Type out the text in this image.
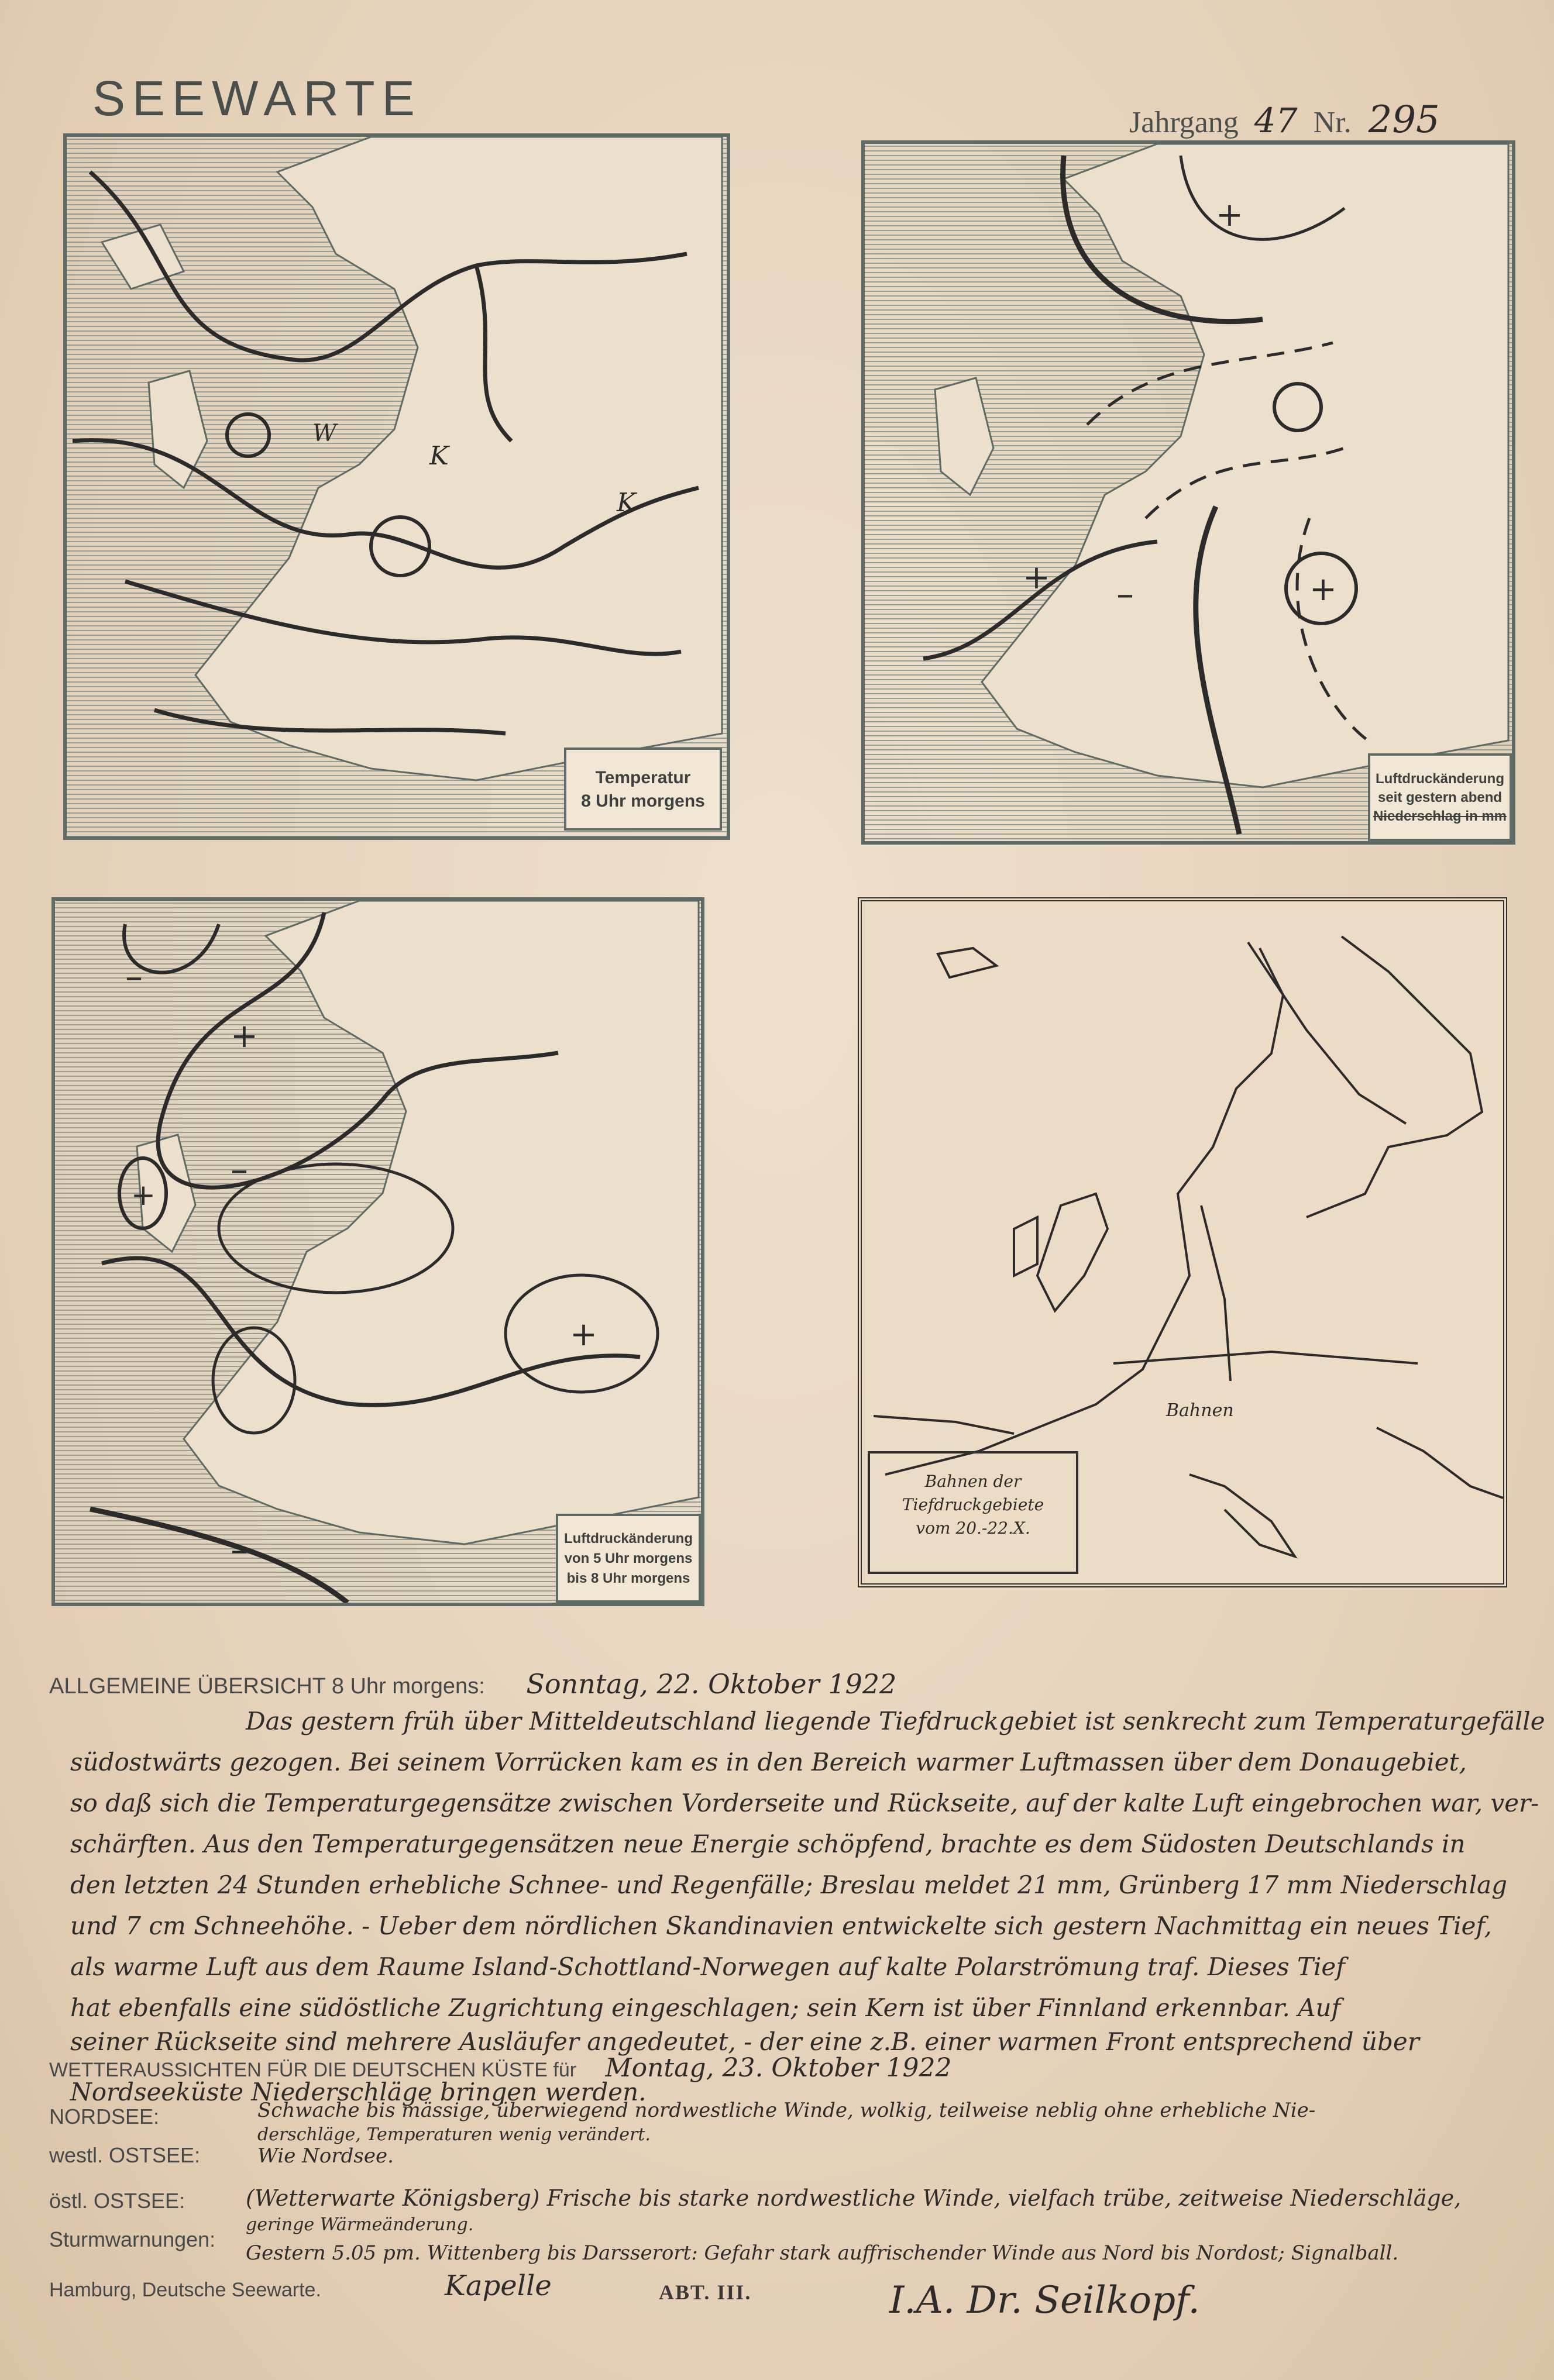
SEEWARTE	Jahrgang 47 Nr. 295
K
K
W
Temperatur
8 Uhr morgens
+	+
+
–
Luftdruckänderung
seit gestern abend
Niederschlag in mm
+
+
+
–
–
–	Luftdruckänderung
von 5 Uhr morgens
bis 8 Uhr morgens
Bahnen
Bahnen der
Tiefdruckgebiete
vom 20.-22.X.
ALLGEMEINE ÜBERSICHT 8 Uhr morgens: Sonntag, 22. Oktober 1922
Das gestern früh über Mitteldeutschland liegende Tiefdruckgebiet ist senkrecht zum Temperaturgefälle
südostwärts gezogen. Bei seinem Vorrücken kam es in den Bereich warmer Luftmassen über dem Donaugebiet,
so daß sich die Temperaturgegensätze zwischen Vorderseite und Rückseite, auf der kalte Luft eingebrochen war, ver-
schärften. Aus den Temperaturgegensätzen neue Energie schöpfend, brachte es dem Südosten Deutschlands in
den letzten 24 Stunden erhebliche Schnee- und Regenfälle; Breslau meldet 21 mm, Grünberg 17 mm Niederschlag
und 7 cm Schneehöhe. - Ueber dem nördlichen Skandinavien entwickelte sich gestern Nachmittag ein neues Tief,
als warme Luft aus dem Raume Island-Schottland-Norwegen auf kalte Polarströmung traf. Dieses Tief
hat ebenfalls eine südöstliche Zugrichtung eingeschlagen; sein Kern ist über Finnland erkennbar. Auf
seiner Rückseite sind mehrere Ausläufer angedeutet, - der eine z.B. einer warmen Front entsprechend über
Nordseeküste Niederschläge bringen werden.
WETTERAUSSICHTEN FÜR DIE DEUTSCHEN KÜSTE für Montag, 23. Oktober 1922
NORDSEE:	Schwache bis mässige, überwiegend nordwestliche Winde, wolkig, teilweise neblig ohne erhebliche Nie-
derschläge, Temperaturen wenig verändert.
westl. OSTSEE:	Wie Nordsee.
östl. OSTSEE:	(Wetterwarte Königsberg) Frische bis starke nordwestliche Winde, vielfach trübe, zeitweise Niederschläge,
geringe Wärmeänderung.
Sturmwarnungen:
Gestern 5.05 pm. Wittenberg bis Darsserort: Gefahr stark auffrischender Winde aus Nord bis Nordost; Signalball.
Hamburg, Deutsche Seewarte.	Kapelle	ABT. III.	I.A. Dr. Seilkopf.
